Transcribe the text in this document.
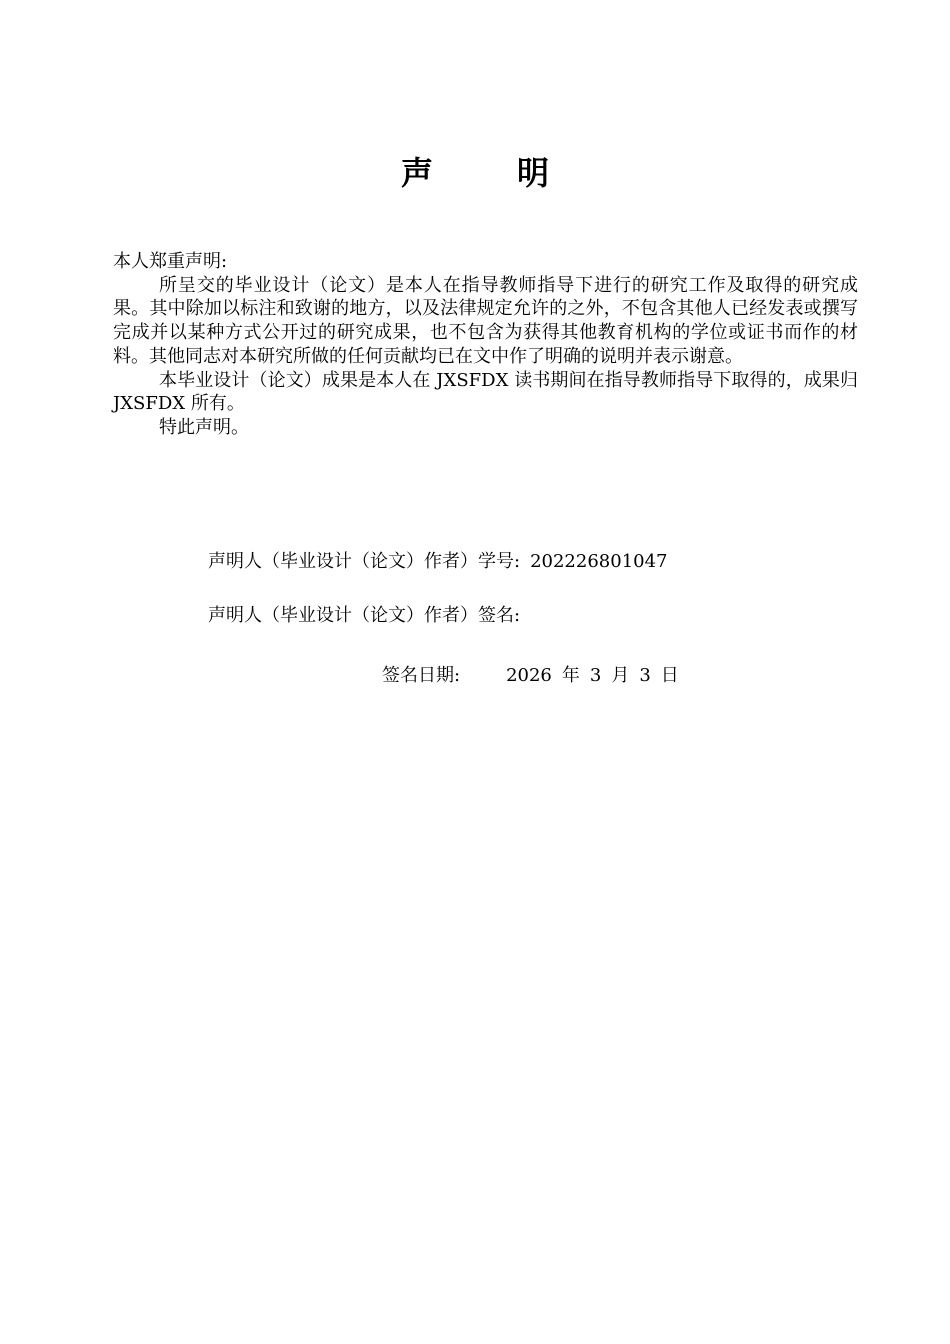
声	明

本人郑重声明:

所呈交的毕业设计（论文）是本人在指导教师指导下进行的研究工作及取得的研究成果。其中除加以标注和致谢的地方，以及法律规定允许的之外，不包含其他人已经发表或撰写完成并以某种方式公开过的研究成果，也不包含为获得其他教育机构的学位或证书而作的材料。其他同志对本研究所做的任何贡献均已在文中作了明确的说明并表示谢意。

本毕业设计（论文）成果是本人在 JXSFDX 读书期间在指导教师指导下取得的，成果归 JXSFDX 所有。

特此声明。

声明人（毕业设计（论文）作者）学号: 202226801047
声明人（毕业设计（论文）作者）签名:
签名日期:	2026 年 3 月 3 日
